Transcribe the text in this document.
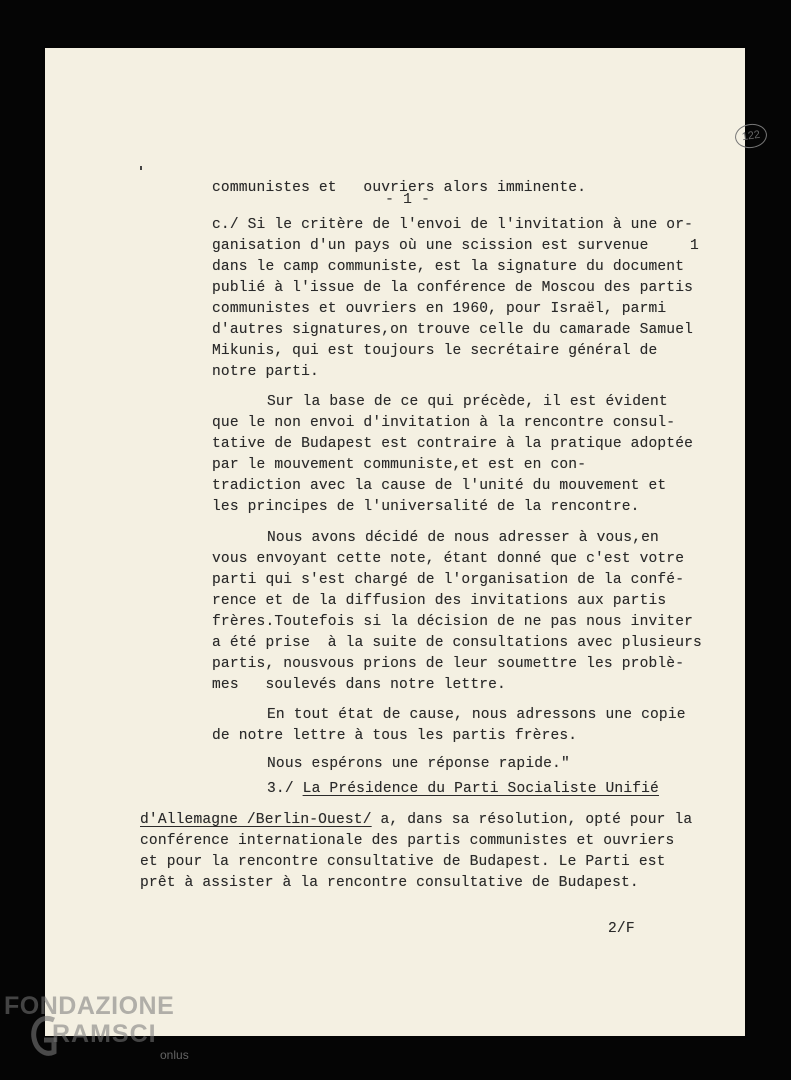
122
- 1 -
communistes et   ouvriers alors imminente.
c./ Si le critère de l'envoi de l'invitation à une or-
ganisation d'un pays où une scission est survenue	1
dans le camp communiste, est la signature du document
publié à l'issue de la conférence de Moscou des partis
communistes et ouvriers en 1960, pour Israël, parmi
d'autres signatures,on trouve celle du camarade Samuel
Mikunis, qui est toujours le secrétaire général de
notre parti.
Sur la base de ce qui précède, il est évident
que le non envoi d'invitation à la rencontre consul-
tative de Budapest est contraire à la pratique adoptée
par le mouvement communiste,et est en con-
tradiction avec la cause de l'unité du mouvement et
les principes de l'universalité de la rencontre.
Nous avons décidé de nous adresser à vous,en
vous envoyant cette note, étant donné que c'est votre
parti qui s'est chargé de l'organisation de la confé-
rence et de la diffusion des invitations aux partis
frères.Toutefois si la décision de ne pas nous inviter
a été prise  à la suite de consultations avec plusieurs
partis, nousvous prions de leur soumettre les problè-
mes   soulevés dans notre lettre.
En tout état de cause, nous adressons une copie
de notre lettre à tous les partis frères.
Nous espérons une réponse rapide."
3./ La Présidence du Parti Socialiste Unifié
d'Allemagne /Berlin-Ouest/ a, dans sa résolution, opté pour la
conférence internationale des partis communistes et ouvriers
et pour la rencontre consultative de Budapest. Le Parti est
prêt à assister à la rencontre consultative de Budapest.
2/F
FONDAZIONE
RAMSCI
onlus
